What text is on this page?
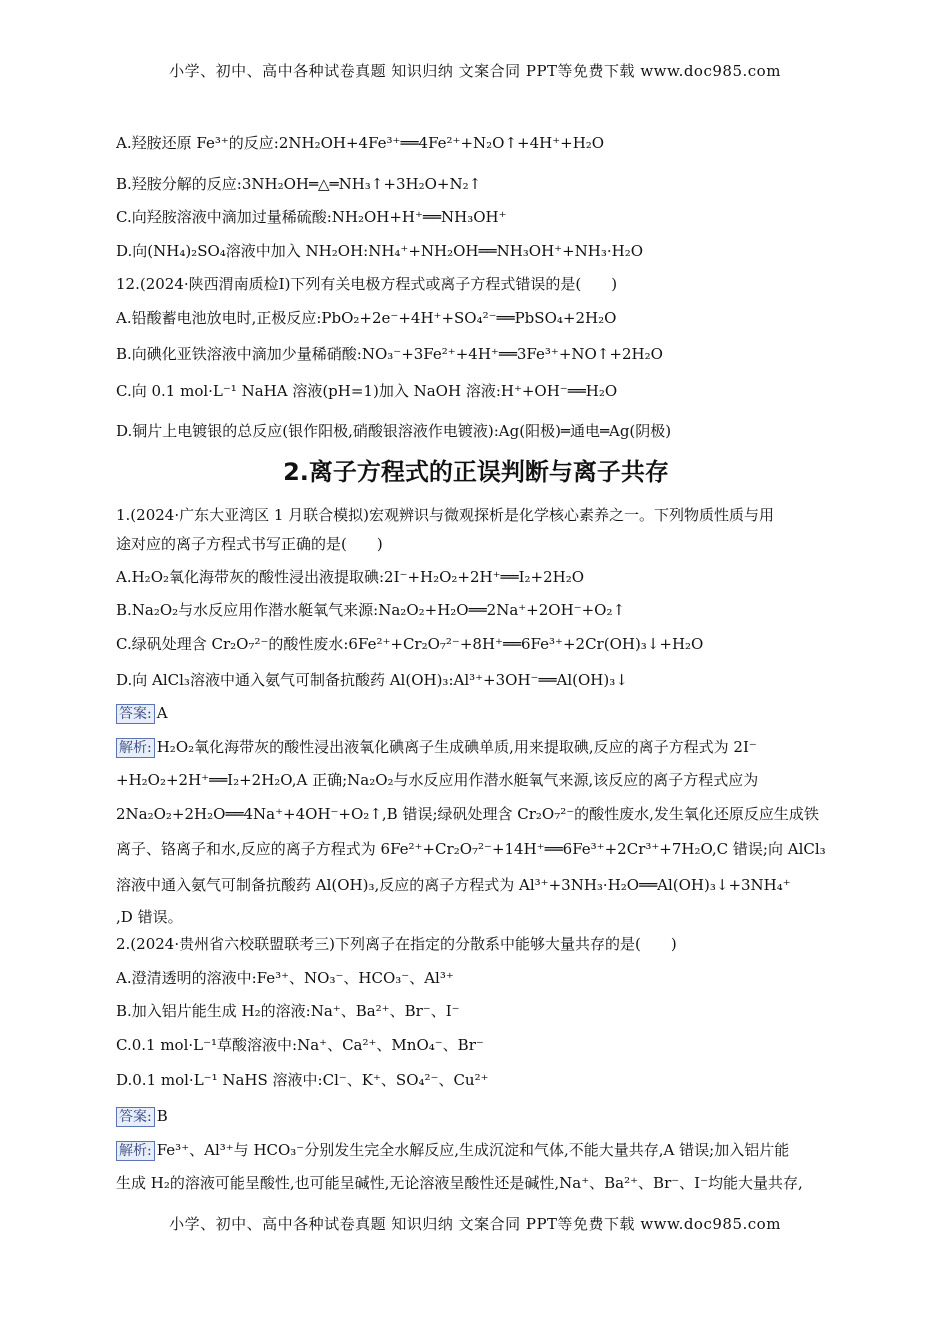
小学、初中、高中各种试卷真题 知识归纳 文案合同 PPT等免费下载 www.doc985.com
A.羟胺还原 Fe³⁺的反应:2NH₂OH+4Fe³⁺══4Fe²⁺+N₂O↑+4H⁺+H₂O
B.羟胺分解的反应:3NH₂OH═△═NH₃↑+3H₂O+N₂↑
C.向羟胺溶液中滴加过量稀硫酸:NH₂OH+H⁺══NH₃OH⁺
D.向(NH₄)₂SO₄溶液中加入 NH₂OH:NH₄⁺+NH₂OH══NH₃OH⁺+NH₃·H₂O
12.(2024·陕西渭南质检Ⅰ)下列有关电极方程式或离子方程式错误的是(　　)
A.铅酸蓄电池放电时,正极反应:PbO₂+2e⁻+4H⁺+SO₄²⁻══PbSO₄+2H₂O
B.向碘化亚铁溶液中滴加少量稀硝酸:NO₃⁻+3Fe²⁺+4H⁺══3Fe³⁺+NO↑+2H₂O
C.向 0.1 mol·L⁻¹ NaHA 溶液(pH=1)加入 NaOH 溶液:H⁺+OH⁻══H₂O
D.铜片上电镀银的总反应(银作阳极,硝酸银溶液作电镀液):Ag(阳极)═通电═Ag(阴极)
2.离子方程式的正误判断与离子共存
1.(2024·广东大亚湾区 1 月联合模拟)宏观辨识与微观探析是化学核心素养之一。下列物质性质与用
途对应的离子方程式书写正确的是(　　)
A.H₂O₂氧化海带灰的酸性浸出液提取碘:2I⁻+H₂O₂+2H⁺══I₂+2H₂O
B.Na₂O₂与水反应用作潜水艇氧气来源:Na₂O₂+H₂O══2Na⁺+2OH⁻+O₂↑
C.绿矾处理含 Cr₂O₇²⁻的酸性废水:6Fe²⁺+Cr₂O₇²⁻+8H⁺══6Fe³⁺+2Cr(OH)₃↓+H₂O
D.向 AlCl₃溶液中通入氨气可制备抗酸药 Al(OH)₃:Al³⁺+3OH⁻══Al(OH)₃↓
答案: A
解析: H₂O₂氧化海带灰的酸性浸出液氧化碘离子生成碘单质,用来提取碘,反应的离子方程式为 2I⁻
+H₂O₂+2H⁺══I₂+2H₂O,A 正确;Na₂O₂与水反应用作潜水艇氧气来源,该反应的离子方程式应为
2Na₂O₂+2H₂O══4Na⁺+4OH⁻+O₂↑,B 错误;绿矾处理含 Cr₂O₇²⁻的酸性废水,发生氧化还原反应生成铁
离子、铬离子和水,反应的离子方程式为 6Fe²⁺+Cr₂O₇²⁻+14H⁺══6Fe³⁺+2Cr³⁺+7H₂O,C 错误;向 AlCl₃
溶液中通入氨气可制备抗酸药 Al(OH)₃,反应的离子方程式为 Al³⁺+3NH₃·H₂O══Al(OH)₃↓+3NH₄⁺
,D 错误。
2.(2024·贵州省六校联盟联考三)下列离子在指定的分散系中能够大量共存的是(　　)
A.澄清透明的溶液中:Fe³⁺、NO₃⁻、HCO₃⁻、Al³⁺
B.加入铝片能生成 H₂的溶液:Na⁺、Ba²⁺、Br⁻、I⁻
C.0.1 mol·L⁻¹草酸溶液中:Na⁺、Ca²⁺、MnO₄⁻、Br⁻
D.0.1 mol·L⁻¹ NaHS 溶液中:Cl⁻、K⁺、SO₄²⁻、Cu²⁺
答案: B
解析: Fe³⁺、Al³⁺与 HCO₃⁻分别发生完全水解反应,生成沉淀和气体,不能大量共存,A 错误;加入铝片能
生成 H₂的溶液可能呈酸性,也可能呈碱性,无论溶液呈酸性还是碱性,Na⁺、Ba²⁺、Br⁻、I⁻均能大量共存,
小学、初中、高中各种试卷真题 知识归纳 文案合同 PPT等免费下载 www.doc985.com
